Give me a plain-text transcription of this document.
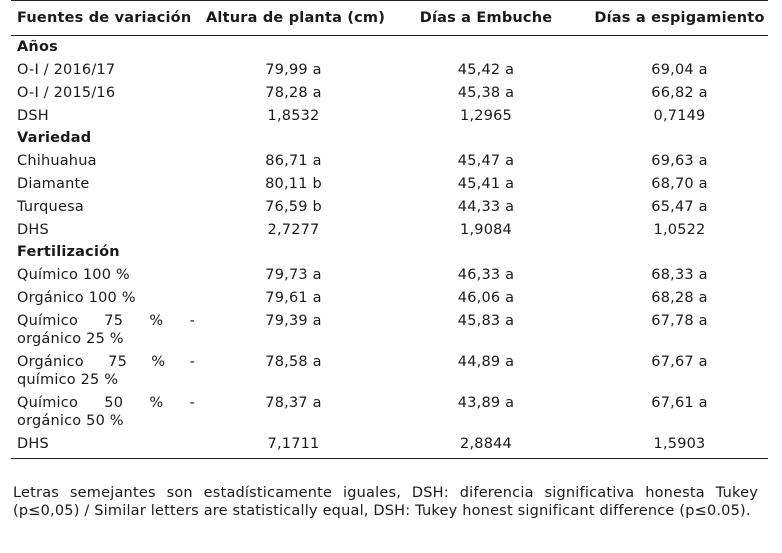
Fuentes de variación	Altura de planta (cm)	Días a Embuche	Días a espigamiento
Años			
O-I / 2016/17	79,99 a	45,42 a	69,04 a
O-I / 2015/16	78,28 a	45,38 a	66,82 a
DSH	1,8532	1,2965	0,7149
Variedad			
Chihuahua	86,71 a	45,47 a	69,63 a
Diamante	80,11 b	45,41 a	68,70 a
Turquesa	76,59 b	44,33 a	65,47 a
DHS	2,7277	1,9084	1,0522
Fertilización			
Químico 100 %	79,73 a	46,33 a	68,33 a
Orgánico 100 %	79,61 a	46,06 a	68,28 a

Químico 75 % - orgánico 25 %	79,39 a	45,83 a	67,78 a

Orgánico 75 % - químico 25 %	78,58 a	44,89 a	67,67 a

Químico 50 % - orgánico 50 %	78,37 a	43,89 a	67,61 a
DHS	7,1711	2,8844	1,5903

Letras semejantes son estadísticamente iguales, DSH: diferencia significativa honesta Tukey (p≤0,05) / Similar letters are statistically equal, DSH: Tukey honest significant difference (p≤0.05).
